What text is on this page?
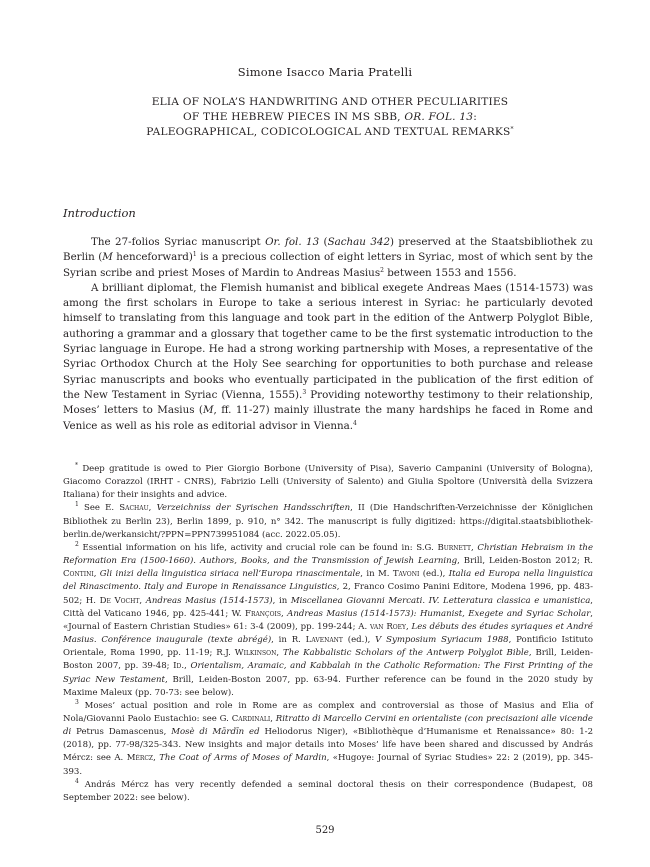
Simone Isacco Maria Pratelli
ELIA OF NOLA’S HANDWRITING AND OTHER PECULIARITIES
OF THE HEBREW PIECES IN MS SBB, OR. FOL. 13:
PALEOGRAPHICAL, CODICOLOGICAL AND TEXTUAL REMARKS*
Introduction

The 27-folios Syriac manuscript Or. fol. 13 (Sachau 342) preserved at the Staatsbibliothek zu Berlin (M henceforward)$^1$ is a precious collection of eight letters in Syriac, most of which sent by the Syrian scribe and priest Moses of Mardin to Andreas Masius$^2$ between 1553 and 1556.

A brilliant diplomat, the Flemish humanist and biblical exegete Andreas Maes (1514-1573) was among the first scholars in Europe to take a serious interest in Syriac: he particularly devoted himself to translating from this language and took part in the edition of the Antwerp Polyglot Bible, authoring a grammar and a glossary that together came to be the first systematic introduction to the Syriac language in Europe. He had a strong working partnership with Moses, a representative of the Syriac Orthodox Church at the Holy See searching for opportunities to both purchase and release Syriac manuscripts and books who eventually participated in the publication of the first edition of the New Testament in Syriac (Vienna, 1555).$^3$ Providing noteworthy testimony to their relationship, Moses’ letters to Masius (M, ff. 11-27) mainly illustrate the many hardships he faced in Rome and Venice as well as his role as editorial advisor in Vienna.$^4$

* Deep gratitude is owed to Pier Giorgio Borbone (University of Pisa), Saverio Campanini (University of Bologna), Giacomo Corazzol (IRHT - CNRS), Fabrizio Lelli (University of Salento) and Giulia Spoltore (Università della Svizzera Italiana) for their insights and advice.

$^1$ See E. Sachau, Verzeichniss der Syrischen Handsschriften, II (Die Handschriften-Verzeichnisse der Königlichen Bibliothek zu Berlin 23), Berlin 1899, p. 910, n° 342. The manuscript is fully digitized: https://digital.staatsbibliothek-berlin.de/werkansicht/?PPN=PPN739951084 (acc. 2022.05.05).

$^2$ Essential information on his life, activity and crucial role can be found in: S.G. Burnett, Christian Hebraism in the Reformation Era (1500-1660). Authors, Books, and the Transmission of Jewish Learning, Brill, Leiden-Boston 2012; R. Contini, Gli inizi della linguistica siriaca nell’Europa rinascimentale, in M. Tavoni (ed.), Italia ed Europa nella linguistica del Rinascimento. Italy and Europe in Renaissance Linguistics, 2, Franco Cosimo Panini Editore, Modena 1996, pp. 483-502; H. De Vocht, Andreas Masius (1514-1573), in Miscellanea Giovanni Mercati. IV. Letteratura classica e umanistica, Città del Vaticano 1946, pp. 425-441; W. François, Andreas Masius (1514-1573): Humanist, Exegete and Syriac Scholar, «Journal of Eastern Christian Studies» 61: 3-4 (2009), pp. 199-244; A. van Roey, Les débuts des études syriaques et André Masius. Conférence inaugurale (texte abrégé), in R. Lavenant (ed.), V Symposium Syriacum 1988, Pontificio Istituto Orientale, Roma 1990, pp. 11-19; R.J. Wilkinson, The Kabbalistic Scholars of the Antwerp Polyglot Bible, Brill, Leiden-Boston 2007, pp. 39-48; Id., Orientalism, Aramaic, and Kabbalah in the Catholic Reformation: The First Printing of the Syriac New Testament, Brill, Leiden-Boston 2007, pp. 63-94. Further reference can be found in the 2020 study by Maxime Maleux (pp. 70-73: see below).

$^3$ Moses’ actual position and role in Rome are as complex and controversial as those of Masius and Elia of Nola/Giovanni Paolo Eustachio: see G. Cardinali, Ritratto di Marcello Cervini en orientaliste (con precisazioni alle vicende di Petrus Damascenus, Mosè di Mārdīn ed Heliodorus Niger), «Bibliothèque d’Humanisme et Renaissance» 80: 1-2 (2018), pp. 77-98/325-343. New insights and major details into Moses’ life have been shared and discussed by András Mércz: see A. Mércz, The Coat of Arms of Moses of Mardin, «Hugoye: Journal of Syriac Studies» 22: 2 (2019), pp. 345-393.

$^4$ András Mércz has very recently defended a seminal doctoral thesis on their correspondence (Budapest, 08 September 2022: see below).

529
